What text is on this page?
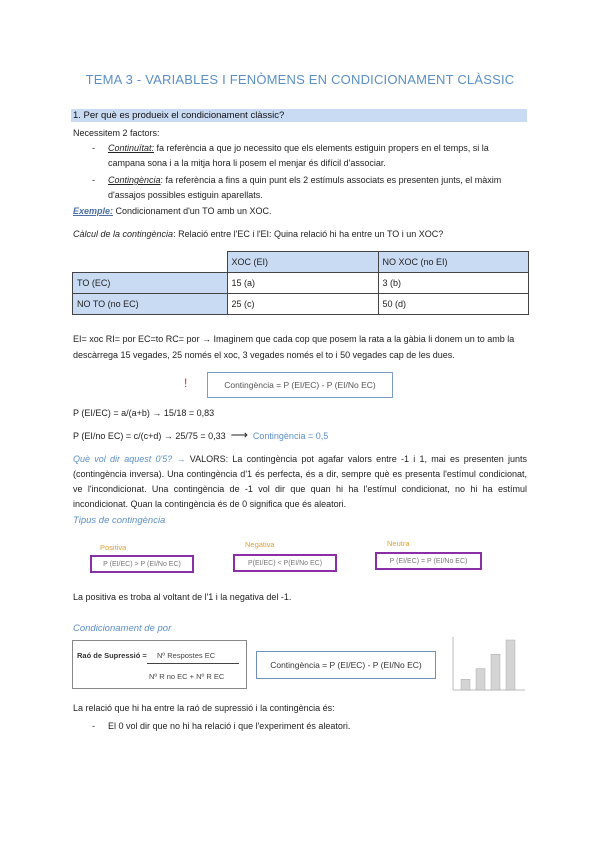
TEMA 3 - VARIABLES I FENÒMENS EN CONDICIONAMENT CLÀSSIC
1. Per què es produeix el condicionament clàssic?
Necessitem 2 factors:
- Continuïtat: fa referència a que jo necessito que els elements estiguin propers en el temps, si la
campana sona i a la mitja hora li posem el menjar és difícil d'associar.
- Contingència: fa referència a fins a quin punt els 2 estímuls associats es presenten junts, el màxim
d'assajos possibles estiguin aparellats.
Exemple: Condicionament d'un TO amb un XOC.
Càlcul de la contingència: Relació entre l'EC i l'EI: Quina relació hi ha entre un TO i un XOC?
	XOC (EI)	NO XOC (no EI)
TO (EC)	15 (a)	3 (b)
NO TO (no EC)	25 (c)	50 (d)
EI= xoc RI= por EC=to RC= por → Imaginem que cada cop que posem la rata a la gàbia li donem un to amb la
descàrrega 15 vegades, 25 només el xoc, 3 vegades només el to i 50 vegades cap de les dues.
!	Contingència = P (EI/EC) - P (EI/No EC)
P (EI/EC) = a/(a+b) → 15/18 = 0,83
P (EI/no EC) = c/(c+d) → 25/75 = 0,33 ⟶ Contingència = 0,5
Què vol dir aquest 0'5? → VALORS: La contingència pot agafar valors entre -1 i 1, mai es presenten junts (contingència inversa). Una contingència d'1 és perfecta, és a dir, sempre què es presenta l'estímul condicionat, ve l'incondicionat. Una contingència de -1 vol dir que quan hi ha l'estímul condicionat, no hi ha estímul incondicionat. Quan la contingència és de 0 significa que és aleatori.
Tipus de contingència
Positiva
P (EI/EC) > P (EI/No EC)
Negativa
P(EI/EC) < P(EI/No EC)
Neutra
P (EI/EC) = P (EI/No EC)
La positiva es troba al voltant de l'1 i la negativa del -1.
Condicionament de por
Raó de Supressió = Nº Respostes EC
Nº R no EC + Nº R EC
Contingència = P (EI/EC) - P (EI/No EC)
La relació que hi ha entre la raó de supressió i la contingència és:
- El 0 vol dir que no hi ha relació i que l'experiment és aleatori.
